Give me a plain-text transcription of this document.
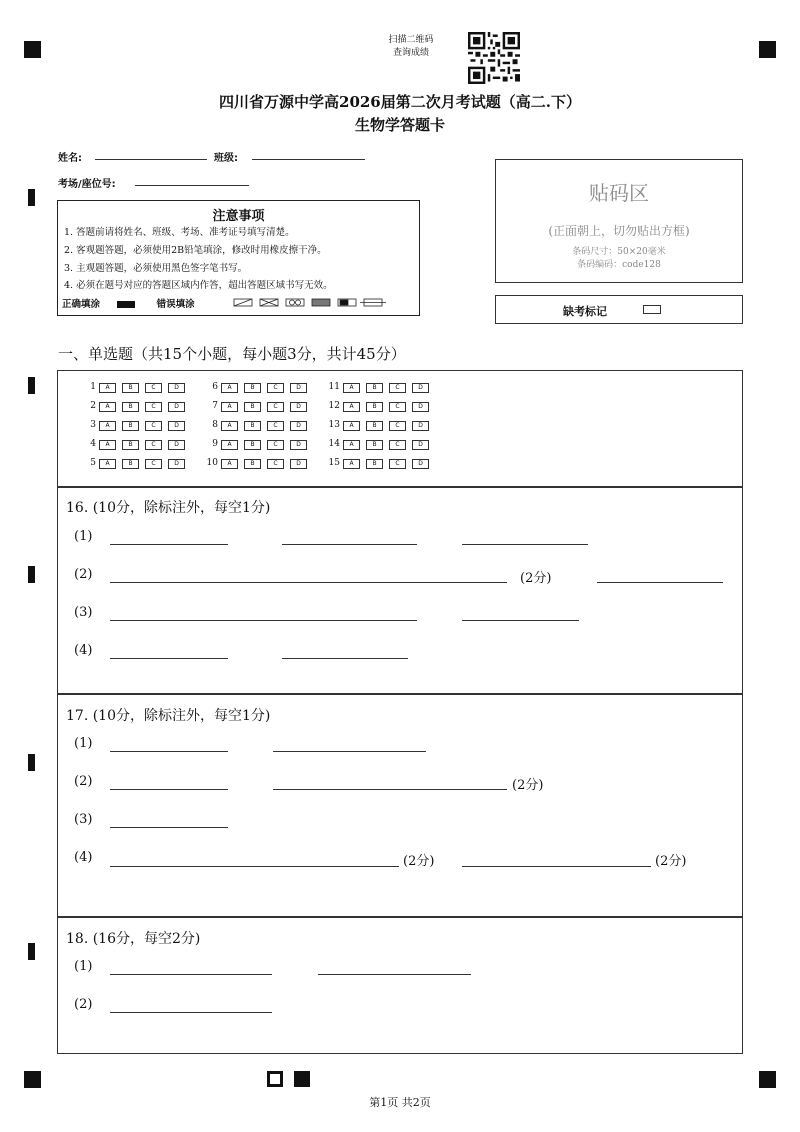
扫描二维码
查询成绩
四川省万源中学高2026届第二次月考试题（高二.下）
生物学答题卡
姓名:	班级:
考场/座位号:
注意事项
1. 答题前请将姓名、班级、考场、准考证号填写清楚。
2. 客观题答题，必须使用2B铅笔填涂，修改时用橡皮擦干净。
3. 主观题答题，必须使用黑色签字笔书写。
4. 必须在题号对应的答题区域内作答，超出答题区域书写无效。
正确填涂	错误填涂
贴码区
(正面朝上，切勿贴出方框)
条码尺寸：50×20毫米
条码编码：code128
缺考标记
一、单选题（共15个小题，每小题3分，共计45分）
1	A	B	C	D
2	A	B	C	D
3	A	B	C	D
4	A	B	C	D
5	A	B	C	D
6	A	B	C	D
7	A	B	C	D
8	A	B	C	D
9	A	B	C	D
10	A	B	C	D
11	A	B	C	D
12	A	B	C	D
13	A	B	C	D
14	A	B	C	D
15	A	B	C	D
16. (10分，除标注外，每空1分)
(1)
(2)	(2分)
(3)
(4)
17. (10分，除标注外，每空1分)
(1)
(2)	(2分)
(3)
(4)	(2分)	(2分)
18. (16分，每空2分)
(1)
(2)
第1页 共2页
